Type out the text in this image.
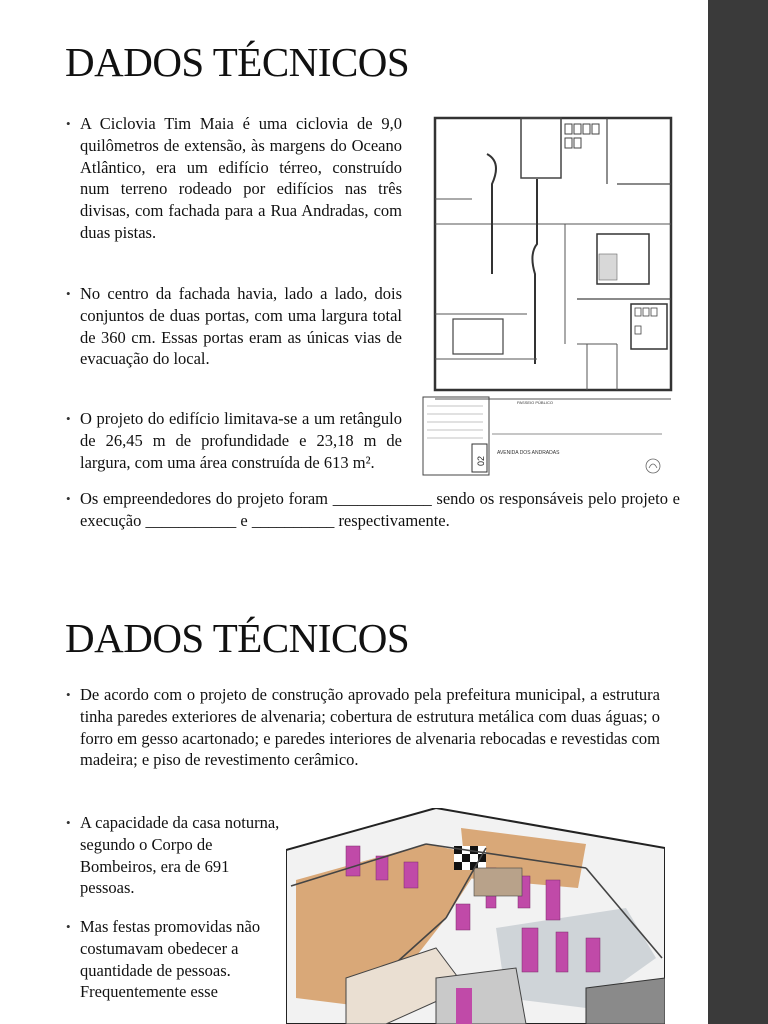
DADOS TÉCNICOS

• A Ciclovia Tim Maia é uma ciclovia de 9,0 quilômetros de extensão, às margens do Oceano Atlântico, era um edifício térreo, construído num terreno rodeado por edifícios nas três divisas, com fachada para a Rua Andradas, com duas pistas.

• No centro da fachada havia, lado a lado, dois conjuntos de duas portas, com uma largura total de 360 cm. Essas portas eram as únicas vias de evacuação do local.

• O projeto do edifício limitava-se a um retângulo de 26,45 m de profundidade e 23,18 m de largura, com uma área construída de 613 m².

• Os empreendedores do projeto foram ____________ sendo os responsáveis pelo projeto e execução ___________ e __________ respectivamente.

PASSEIO PÚBLICO
02
AVENIDA DOS ANDRADAS
DADOS TÉCNICOS

• De acordo com o projeto de construção aprovado pela prefeitura municipal, a estrutura tinha paredes exteriores de alvenaria; cobertura de estrutura metálica com duas águas; o forro em gesso acartonado; e paredes interiores de alvenaria rebocadas e revestidas com madeira; e piso de revestimento cerâmico.

• A capacidade da casa noturna, segundo o Corpo de Bombeiros, era de 691 pessoas.

• Mas festas promovidas não costumavam obedecer a quantidade de pessoas. Frequentemente esse
